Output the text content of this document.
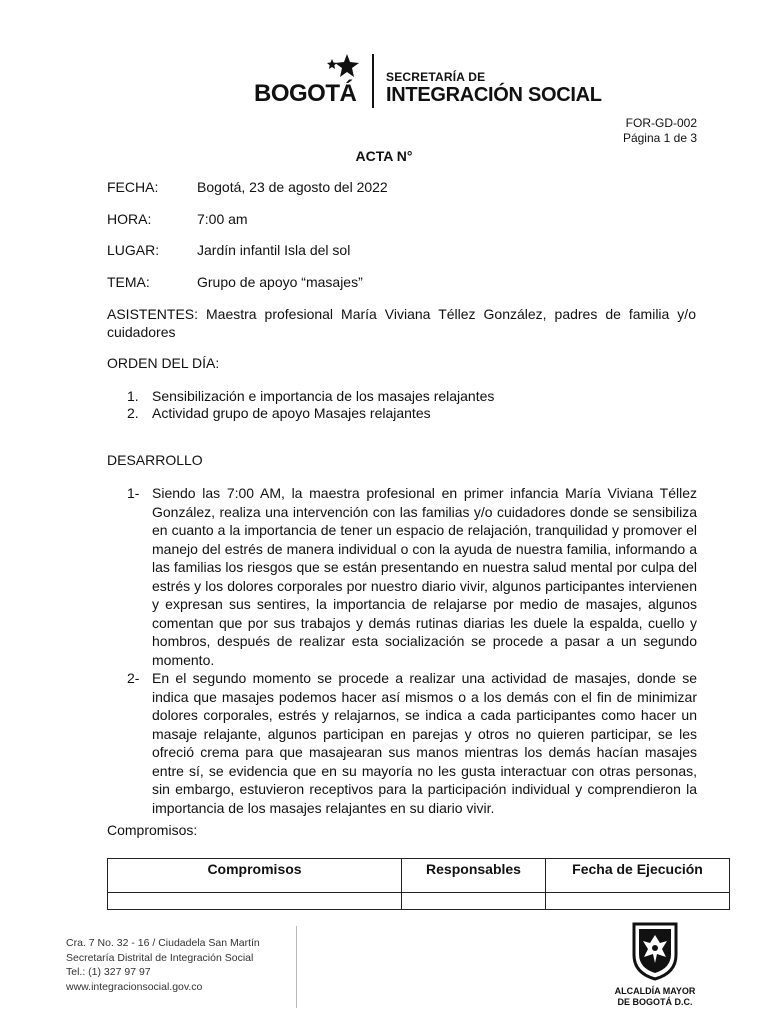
BOGOTÁ
SECRETARÍA DE
INTEGRACIÓN SOCIAL
FOR-GD-002
Página 1 de 3
ACTA N°
FECHA:	Bogotá, 23 de agosto del 2022
HORA:	7:00 am
LUGAR:	Jardín infantil Isla del sol
TEMA:	Grupo de apoyo “masajes”
ASISTENTES: Maestra profesional María Viviana Téllez González, padres de familia y/o cuidadores
ORDEN DEL DÍA:
1. Sensibilización e importancia de los masajes relajantes
2. Actividad grupo de apoyo Masajes relajantes
DESARROLLO
1- Siendo las 7:00 AM, la maestra profesional en primer infancia María Viviana Téllez González, realiza una intervención con las familias y/o cuidadores donde se sensibiliza en cuanto a la importancia de tener un espacio de relajación, tranquilidad y promover el manejo del estrés de manera individual o con la ayuda de nuestra familia, informando a las familias los riesgos que se están presentando en nuestra salud mental por culpa del estrés y los dolores corporales por nuestro diario vivir, algunos participantes intervienen y expresan sus sentires, la importancia de relajarse por medio de masajes, algunos comentan que por sus trabajos y demás rutinas diarias les duele la espalda, cuello y hombros, después de realizar esta socialización se procede a pasar a un segundo momento.
2- En el segundo momento se procede a realizar una actividad de masajes, donde se indica que masajes podemos hacer así mismos o a los demás con el fin de minimizar dolores corporales, estrés y relajarnos, se indica a cada participantes como hacer un masaje relajante, algunos participan en parejas y otros no quieren participar, se les ofreció crema para que masajearan sus manos mientras los demás hacían masajes entre sí, se evidencia que en su mayoría no les gusta interactuar con otras personas, sin embargo, estuvieron receptivos para la participación individual y comprendieron la importancia de los masajes relajantes en su diario vivir.
Compromisos:
Compromisos	Responsables	Fecha de Ejecución

Cra. 7 No. 32 - 16 / Ciudadela San Martín
Secretaría Distrital de Integración Social
Tel.: (1) 327 97 97
www.integracionsocial.gov.co	ALCALDÍA MAYOR
DE BOGOTÁ D.C.
